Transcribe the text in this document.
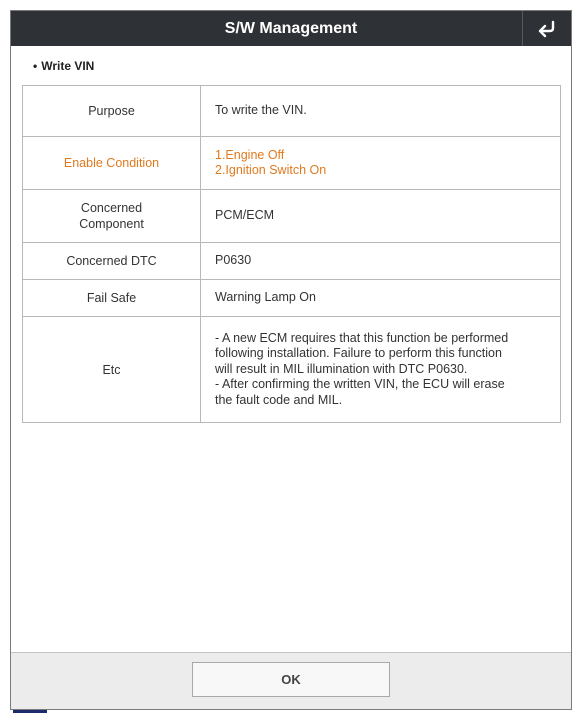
S/W Management
• Write VIN
Purpose	To write the VIN.

Enable Condition	1.Engine Off
2.Ignition Switch On

Concerned
Component	PCM/ECM

Concerned DTC	P0630

Fail Safe	Warning Lamp On

Etc	- A new ECM requires that this function be performed
following installation. Failure to perform this function
will result in MIL illumination with DTC P0630.
- After confirming the written VIN, the ECU will erase
the fault code and MIL.
OK
